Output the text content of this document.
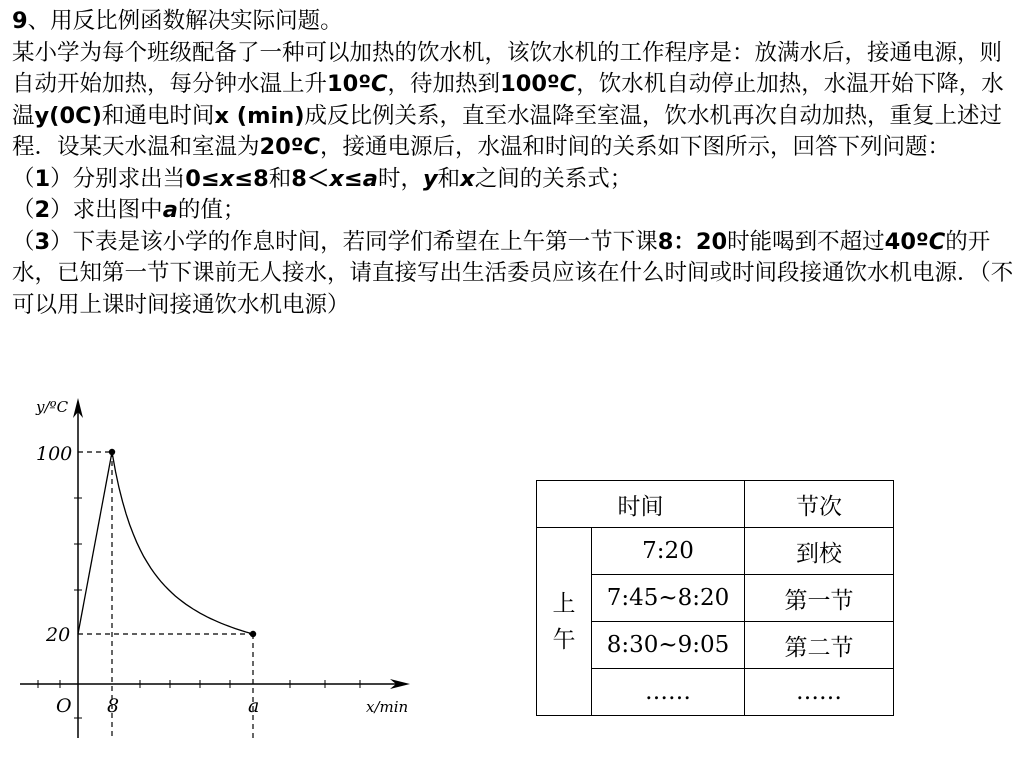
9、用反比例函数解决实际问题。

某小学为每个班级配备了一种可以加热的饮水机，该饮水机的工作程序是：放满水后，接通电源，则自动开始加热，每分钟水温上升10ºC，待加热到100ºC，饮水机自动停止加热，水温开始下降，水温y(0C)和通电时间x (min)成反比例关系，直至水温降至室温，饮水机再次自动加热，重复上述过程．设某天水温和室温为20ºC，接通电源后，水温和时间的关系如下图所示，回答下列问题：

（1）分别求出当0≤x≤8和8＜x≤a时，y和x之间的关系式；

（2）求出图中a的值；

（3）下表是该小学的作息时间，若同学们希望在上午第一节下课8：20时能喝到不超过40ºC的开水，已知第一节下课前无人接水，请直接写出生活委员应该在什么时间或时间段接通饮水机电源．（不可以用上课时间接通饮水机电源）

y/ºC
x/min
O
100
20
8	a
时间		节次
上
午	7:20	到校
	7:45~8:20	第一节
	8:30~9:05	第二节
	……	……
